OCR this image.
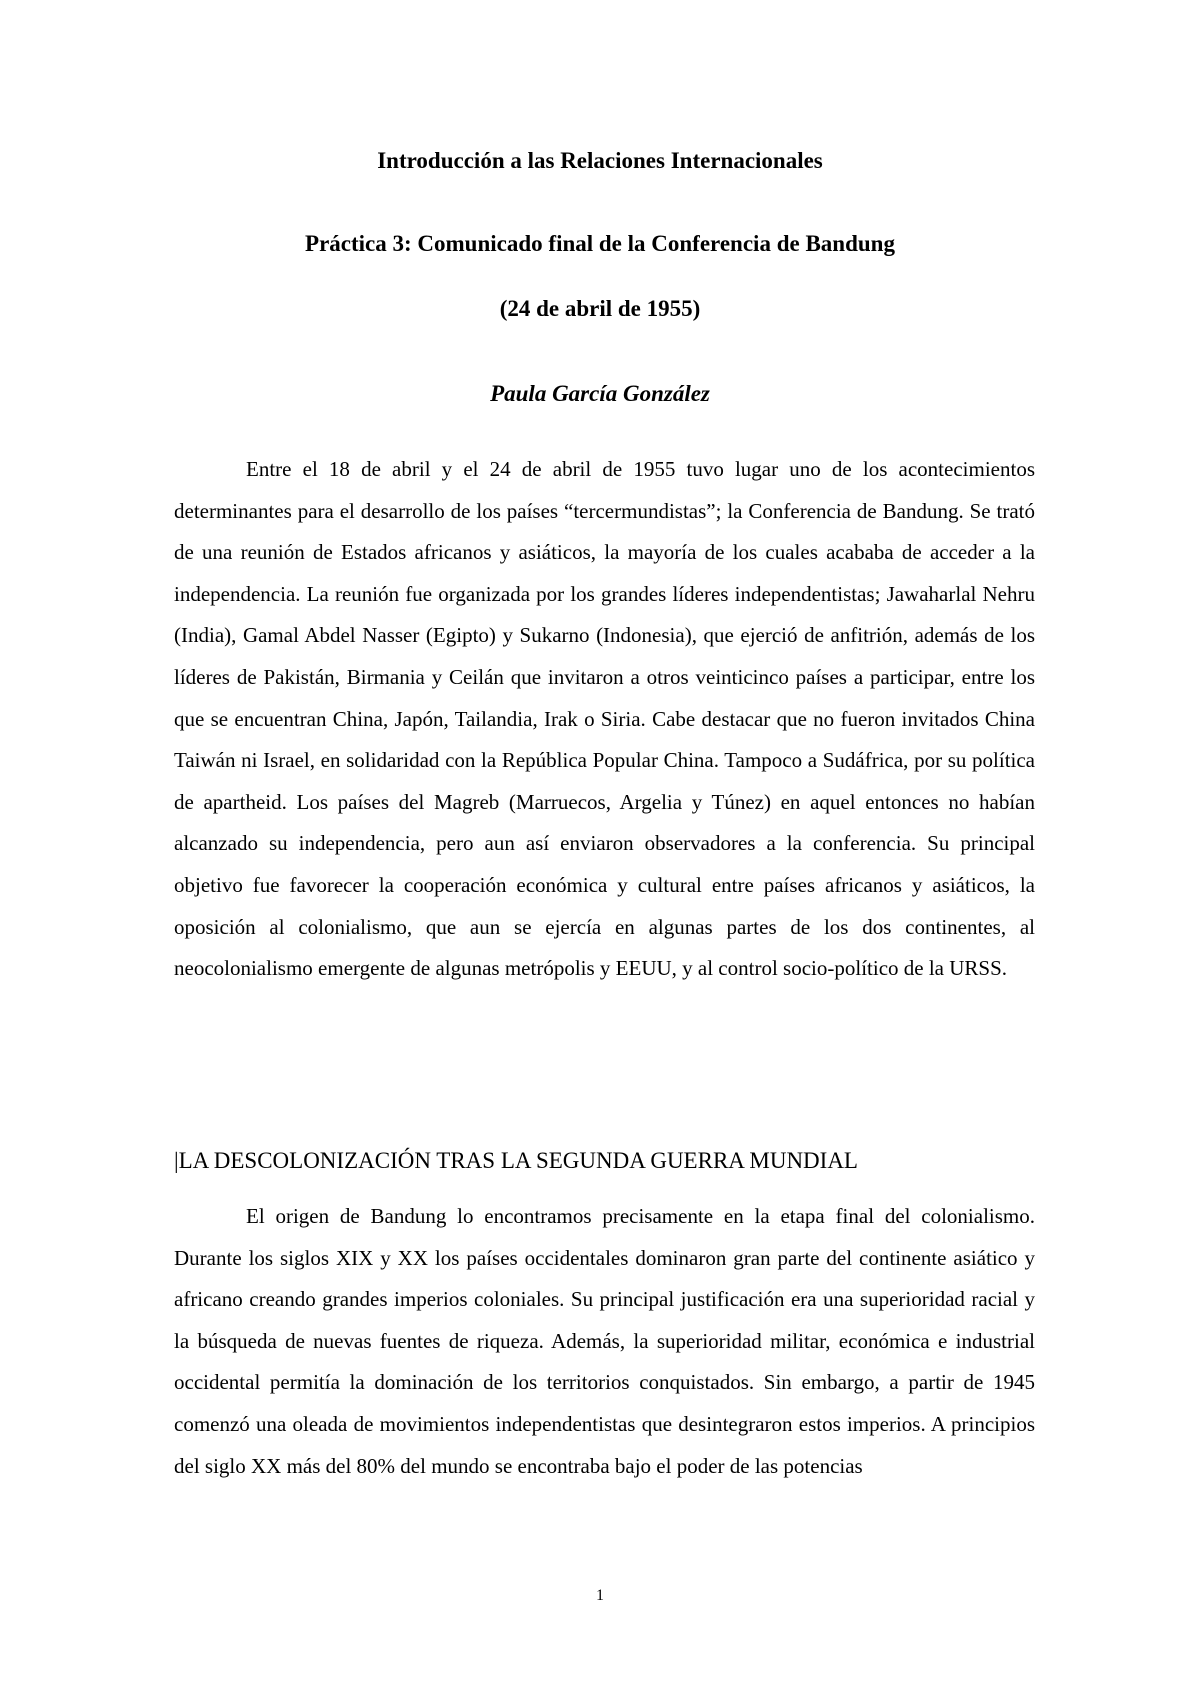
Introducción a las Relaciones Internacionales
Práctica 3: Comunicado final de la Conferencia de Bandung

(24 de abril de 1955)

Paula García González

Entre el 18 de abril y el 24 de abril de 1955 tuvo lugar uno de los acontecimientos determinantes para el desarrollo de los países “tercermundistas”; la Conferencia de Bandung. Se trató de una reunión de Estados africanos y asiáticos, la mayoría de los cuales acababa de acceder a la independencia. La reunión fue organizada por los grandes líderes independentistas; Jawaharlal Nehru (India), Gamal Abdel Nasser (Egipto) y Sukarno (Indonesia), que ejerció de anfitrión, además de los líderes de Pakistán, Birmania y Ceilán que invitaron a otros veinticinco países a participar, entre los que se encuentran China, Japón, Tailandia, Irak o Siria. Cabe destacar que no fueron invitados China Taiwán ni Israel, en solidaridad con la República Popular China. Tampoco a Sudáfrica, por su política de apartheid. Los países del Magreb (Marruecos, Argelia y Túnez) en aquel entonces no habían alcanzado su independencia, pero aun así enviaron observadores a la conferencia. Su principal objetivo fue favorecer la cooperación económica y cultural entre países africanos y asiáticos, la oposición al colonialismo, que aun se ejercía en algunas partes de los dos continentes, al neocolonialismo emergente de algunas metrópolis y EEUU, y al control socio-político de la URSS.

|LA DESCOLONIZACIÓN TRAS LA SEGUNDA GUERRA MUNDIAL

El origen de Bandung lo encontramos precisamente en la etapa final del colonialismo. Durante los siglos XIX y XX los países occidentales dominaron gran parte del continente asiático y africano creando grandes imperios coloniales. Su principal justificación era una superioridad racial y la búsqueda de nuevas fuentes de riqueza. Además, la superioridad militar, económica e industrial occidental permitía la dominación de los territorios conquistados. Sin embargo, a partir de 1945 comenzó una oleada de movimientos independentistas que desintegraron estos imperios. A principios del siglo XX más del 80% del mundo se encontraba bajo el poder de las potencias

1
